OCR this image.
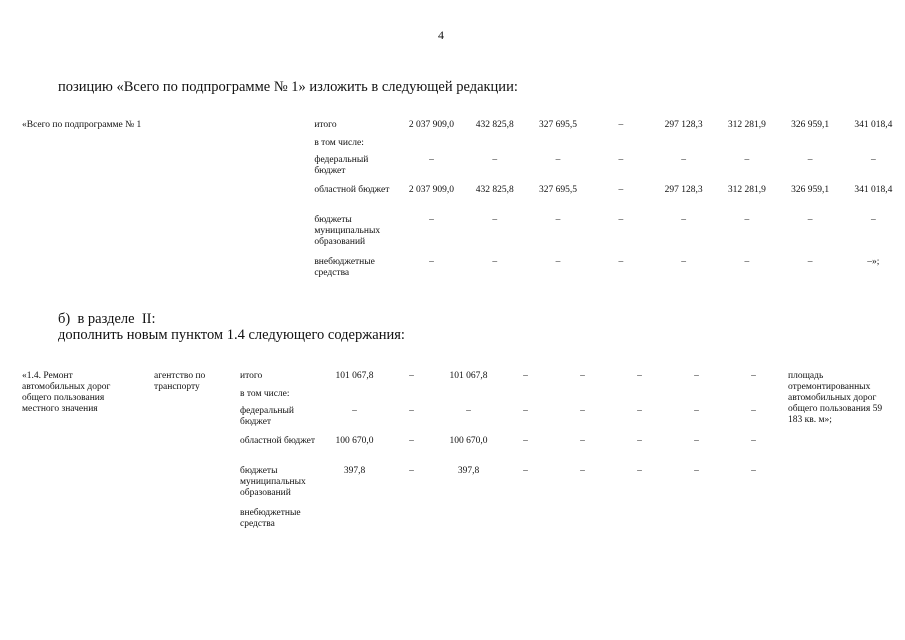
4
позицию «Всего по подпрограмме № 1» изложить в следующей редакции:
«Всего по подпрограмме № 1	итого	2 037 909,0	432 825,8	327 695,5	–	297 128,3	312 281,9	326 959,1	341 018,4
	в том числе:								
	федеральный бюджет	–	–	–	–	–	–	–	–
	областной бюджет	2 037 909,0	432 825,8	327 695,5	–	297 128,3	312 281,9	326 959,1	341 018,4
	бюджеты муниципальных образований	–	–	–	–	–	–	–	–
	внебюджетные средства	–	–	–	–	–	–	–	–»;
б)  в разделе  II:
дополнить новым пунктом 1.4 следующего содержания:
«1.4. Ремонт автомобильных дорог общего пользования местного значения	агентство по транспорту	итого	101 067,8	–	101 067,8	–	–	–	–	–	площадь отремонтированных автомобильных дорог общего пользования 59 183 кв. м»;
		в том числе:									
		федеральный бюджет	–	–	–	–	–	–	–	–	
		областной бюджет	100 670,0	–	100 670,0	–	–	–	–	–	
		бюджеты муниципальных образований	397,8	–	397,8	–	–	–	–	–	
		внебюджетные средства									
